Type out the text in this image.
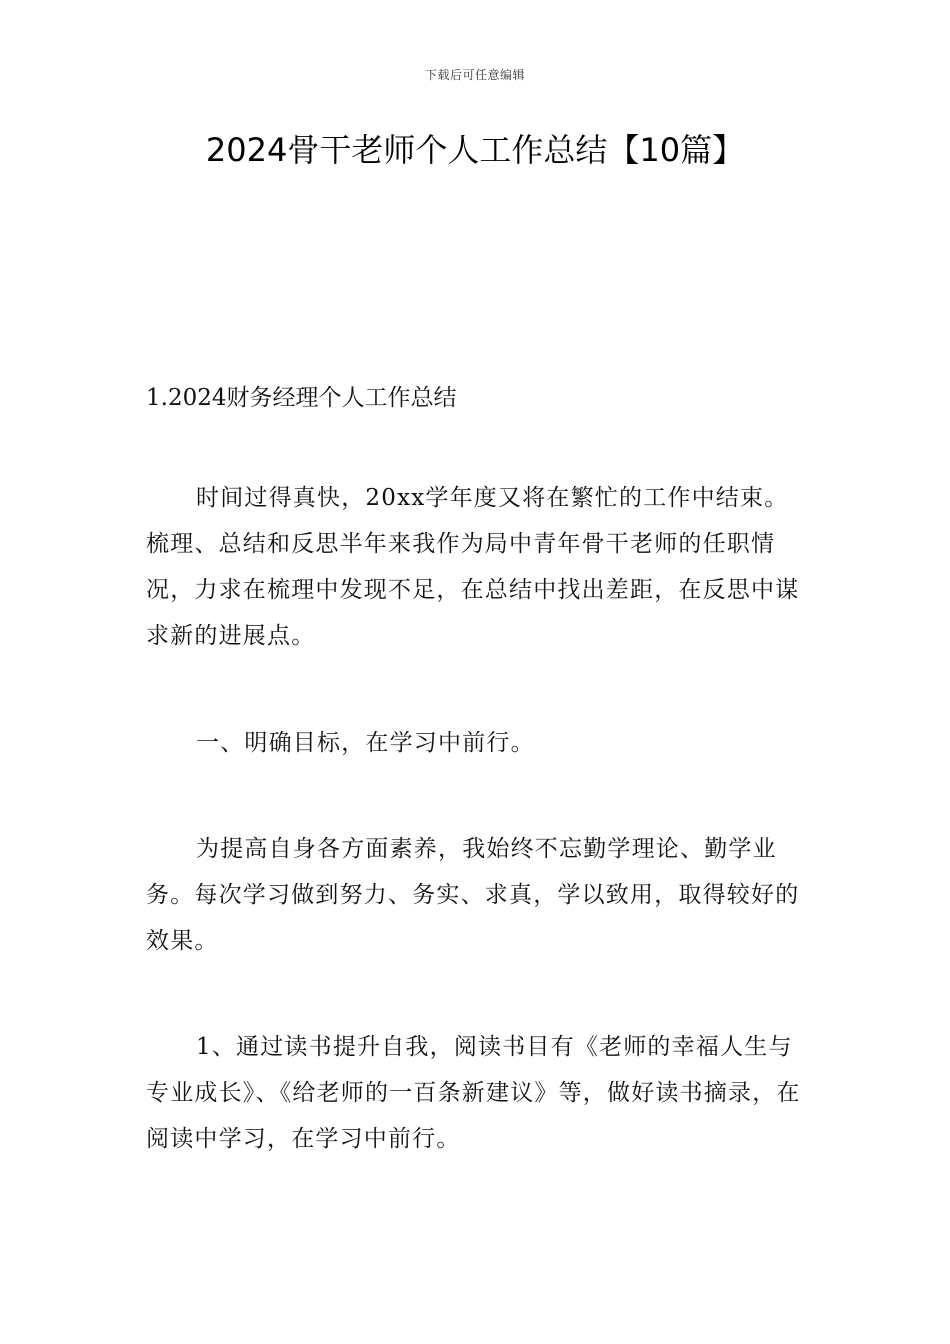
下载后可任意编辑
2024骨干老师个人工作总结【10篇】
1.2024财务经理个人工作总结

时间过得真快，20xx学年度又将在繁忙的工作中结束。梳理、总结和反思半年来我作为局中青年骨干老师的任职情况，力求在梳理中发现不足，在总结中找出差距，在反思中谋求新的进展点。

一、明确目标，在学习中前行。

为提高自身各方面素养，我始终不忘勤学理论、勤学业务。每次学习做到努力、务实、求真，学以致用，取得较好的效果。

1、通过读书提升自我，阅读书目有《老师的幸福人生与专业成长》、《给老师的一百条新建议》等，做好读书摘录，在阅读中学习，在学习中前行。
